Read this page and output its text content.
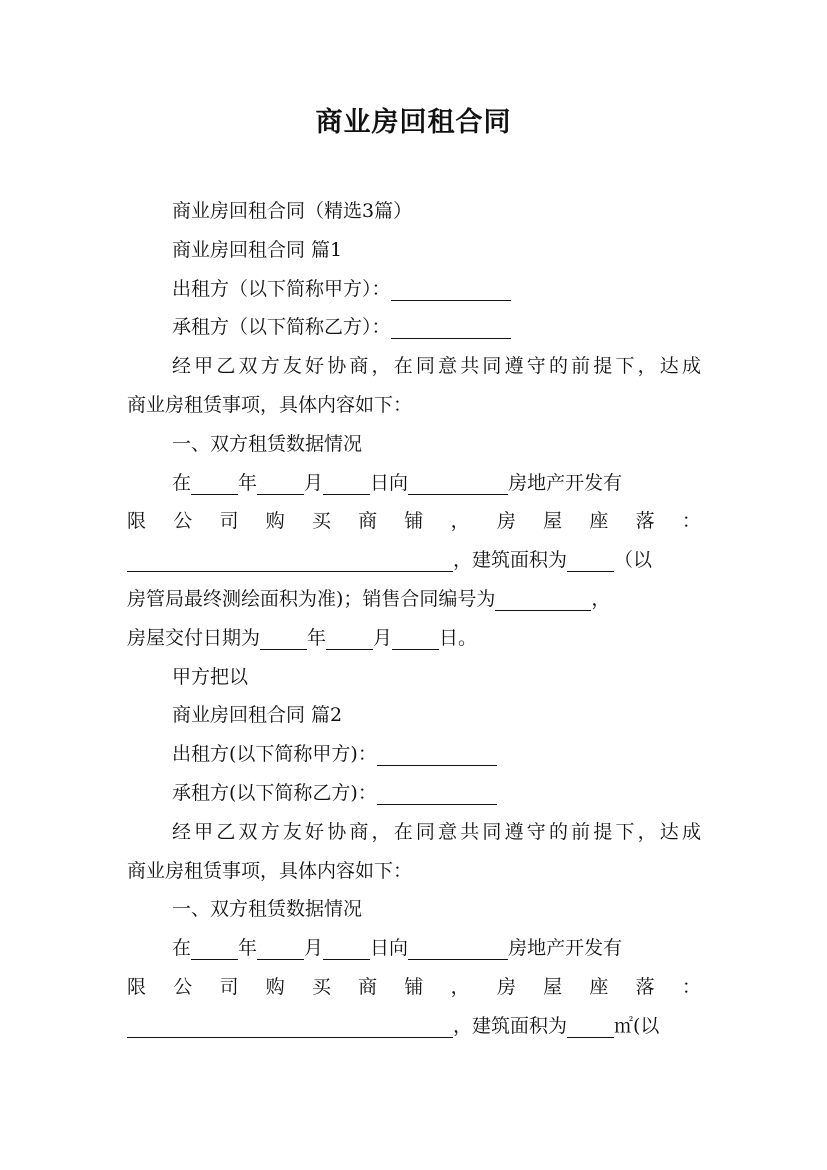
商业房回租合同

商业房回租合同（精选3篇）

商业房回租合同 篇1

出租方（以下简称甲方）：

承租方（以下简称乙方）：

经甲乙双方友好协商，在同意共同遵守的前提下，达成

商业房租赁事项，具体内容如下：

一、双方租赁数据情况

在 年 月 日向	房地产开发有

限 公 司 购 买 商 铺 ， 房 屋 座 落 ：

，建筑面积为 （以

房管局最终测绘面积为准)；销售合同编号为	，

房屋交付日期为 年 月 日。

甲方把以

商业房回租合同 篇2

出租方(以下简称甲方)：

承租方(以下简称乙方)：

经甲乙双方友好协商，在同意共同遵守的前提下，达成

商业房租赁事项，具体内容如下：

一、双方租赁数据情况

在 年 月 日向	房地产开发有

限 公 司 购 买 商 铺 ， 房 屋 座 落 ：

，建筑面积为 ㎡(以
